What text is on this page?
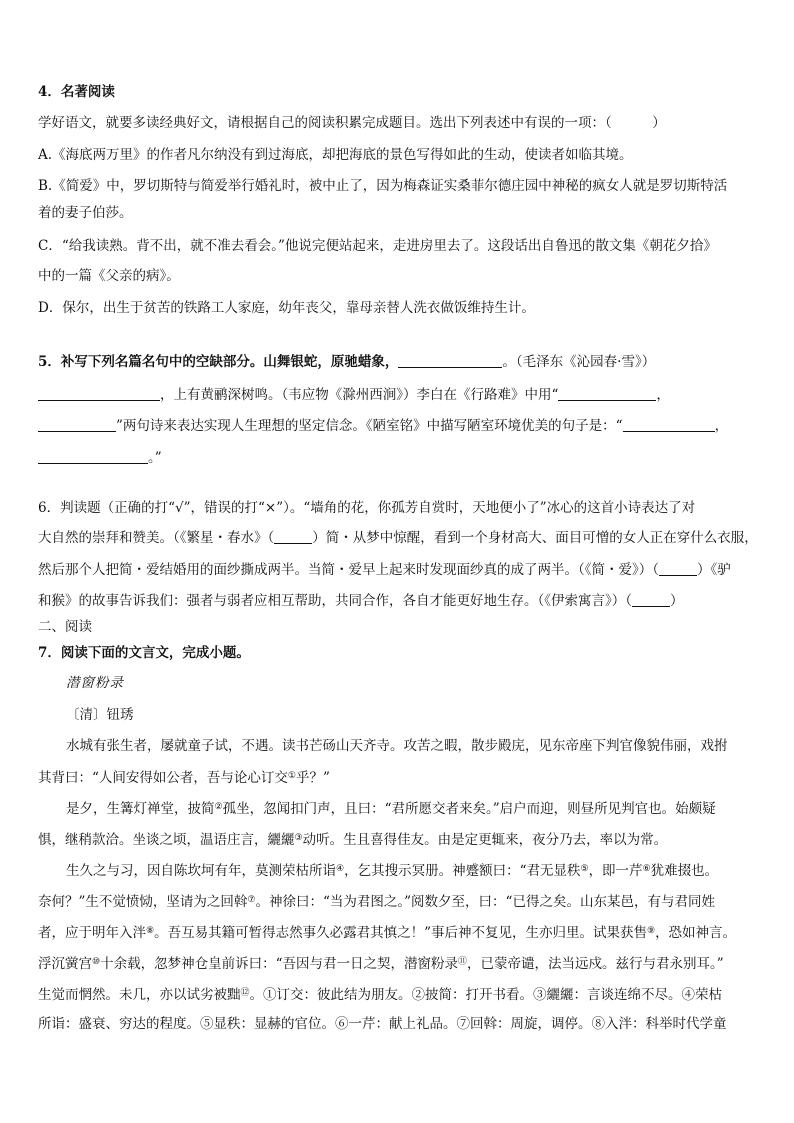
4．名著阅读
学好语文，就要多读经典好文，请根据自己的阅读积累完成题目。选出下列表述中有误的一项：（　　　）
A.《海底两万里》的作者凡尔纳没有到过海底，却把海底的景色写得如此的生动，使读者如临其境。
B.《简爱》中，罗切斯特与简爱举行婚礼时，被中止了，因为梅森证实桑菲尔德庄园中神秘的疯女人就是罗切斯特活
着的妻子伯莎。
C．“给我读熟。背不出，就不准去看会。”他说完便站起来，走进房里去了。这段话出自鲁迅的散文集《朝花夕拾》
中的一篇《父亲的病》。
D．保尔，出生于贫苦的铁路工人家庭，幼年丧父，靠母亲替人洗衣做饭维持生计。
5．补写下列名篇名句中的空缺部分。山舞银蛇，原驰蜡象，	。（毛泽东《沁园春·雪》）
，上有黄鹂深树鸣。（韦应物《滁州西涧》）李白在《行路难》中用“	，
”两句诗来表达实现人生理想的坚定信念。《陋室铭》中描写陋室环境优美的句子是：“	，
。”
6．判读题（正确的打“√”，错误的打“×”）。“墙角的花，你孤芳自赏时，天地便小了”冰心的这首小诗表达了对
大自然的崇拜和赞美。（《繁星・春水》（	）简・从梦中惊醒，看到一个身材高大、面目可憎的女人正在穿什么衣服，
然后那个人把简・爱结婚用的面纱撕成两半。当简・爱早上起来时发现面纱真的成了两半。（《简・爱》）（	）《驴
和猴》的故事告诉我们：强者与弱者应相互帮助，共同合作，各自才能更好地生存。（《伊索寓言》）（	）
二、阅读
7．阅读下面的文言文，完成小题。
潜窗粉录
〔清〕钮琇
水城有张生者，屡就童子试，不遇。读书芒砀山天齐寺。攻苦之暇，散步殿庑，见东帝座下判官像貌伟丽，戏拊
其背曰：“人间安得如公者，吾与论心订交①乎？”
是夕，生篝灯禅堂，披简②孤坐，忽闻扣门声，且曰：“君所愿交者来矣。”启户而迎，则昼所见判官也。始颇疑
惧，继稍款洽。坐谈之顷，温语庄言，纚纚③动听。生且喜得佳友。由是定更辄来，夜分乃去，率以为常。
生久之与习，因自陈坎坷有年，莫测荣枯所诣④，乞其搜示冥册。神蹙额曰：“君无显秩⑤，即一芹⑥犹难掇也。
奈何？”生不觉愤恸，坚请为之回斡⑦。神徐曰：“当为君图之。”阅数夕至，曰：“已得之矣。山东某邑，有与君同姓
者，应于明年入泮⑧。吾互易其籍可暂得志然事久必露君其慎之！”事后神不复见，生亦归里。试果获售⑨，恐如神言。
浮沉黉宫⑩十余载，忽梦神仓皇前诉曰：“吾因与君一日之契，潜窗粉录⑪，已蒙帝谴，法当远戍。兹行与君永别耳。”
生觉而惘然。未几，亦以试劣被黜⑫。①订交：彼此结为朋友。②披简：打开书看。③纚纚：言谈连绵不尽。④荣枯
所诣：盛衰、穷达的程度。⑤显秩：显赫的官位。⑥一芹：献上礼品。⑦回斡：周旋，调停。⑧入泮：科举时代学童
